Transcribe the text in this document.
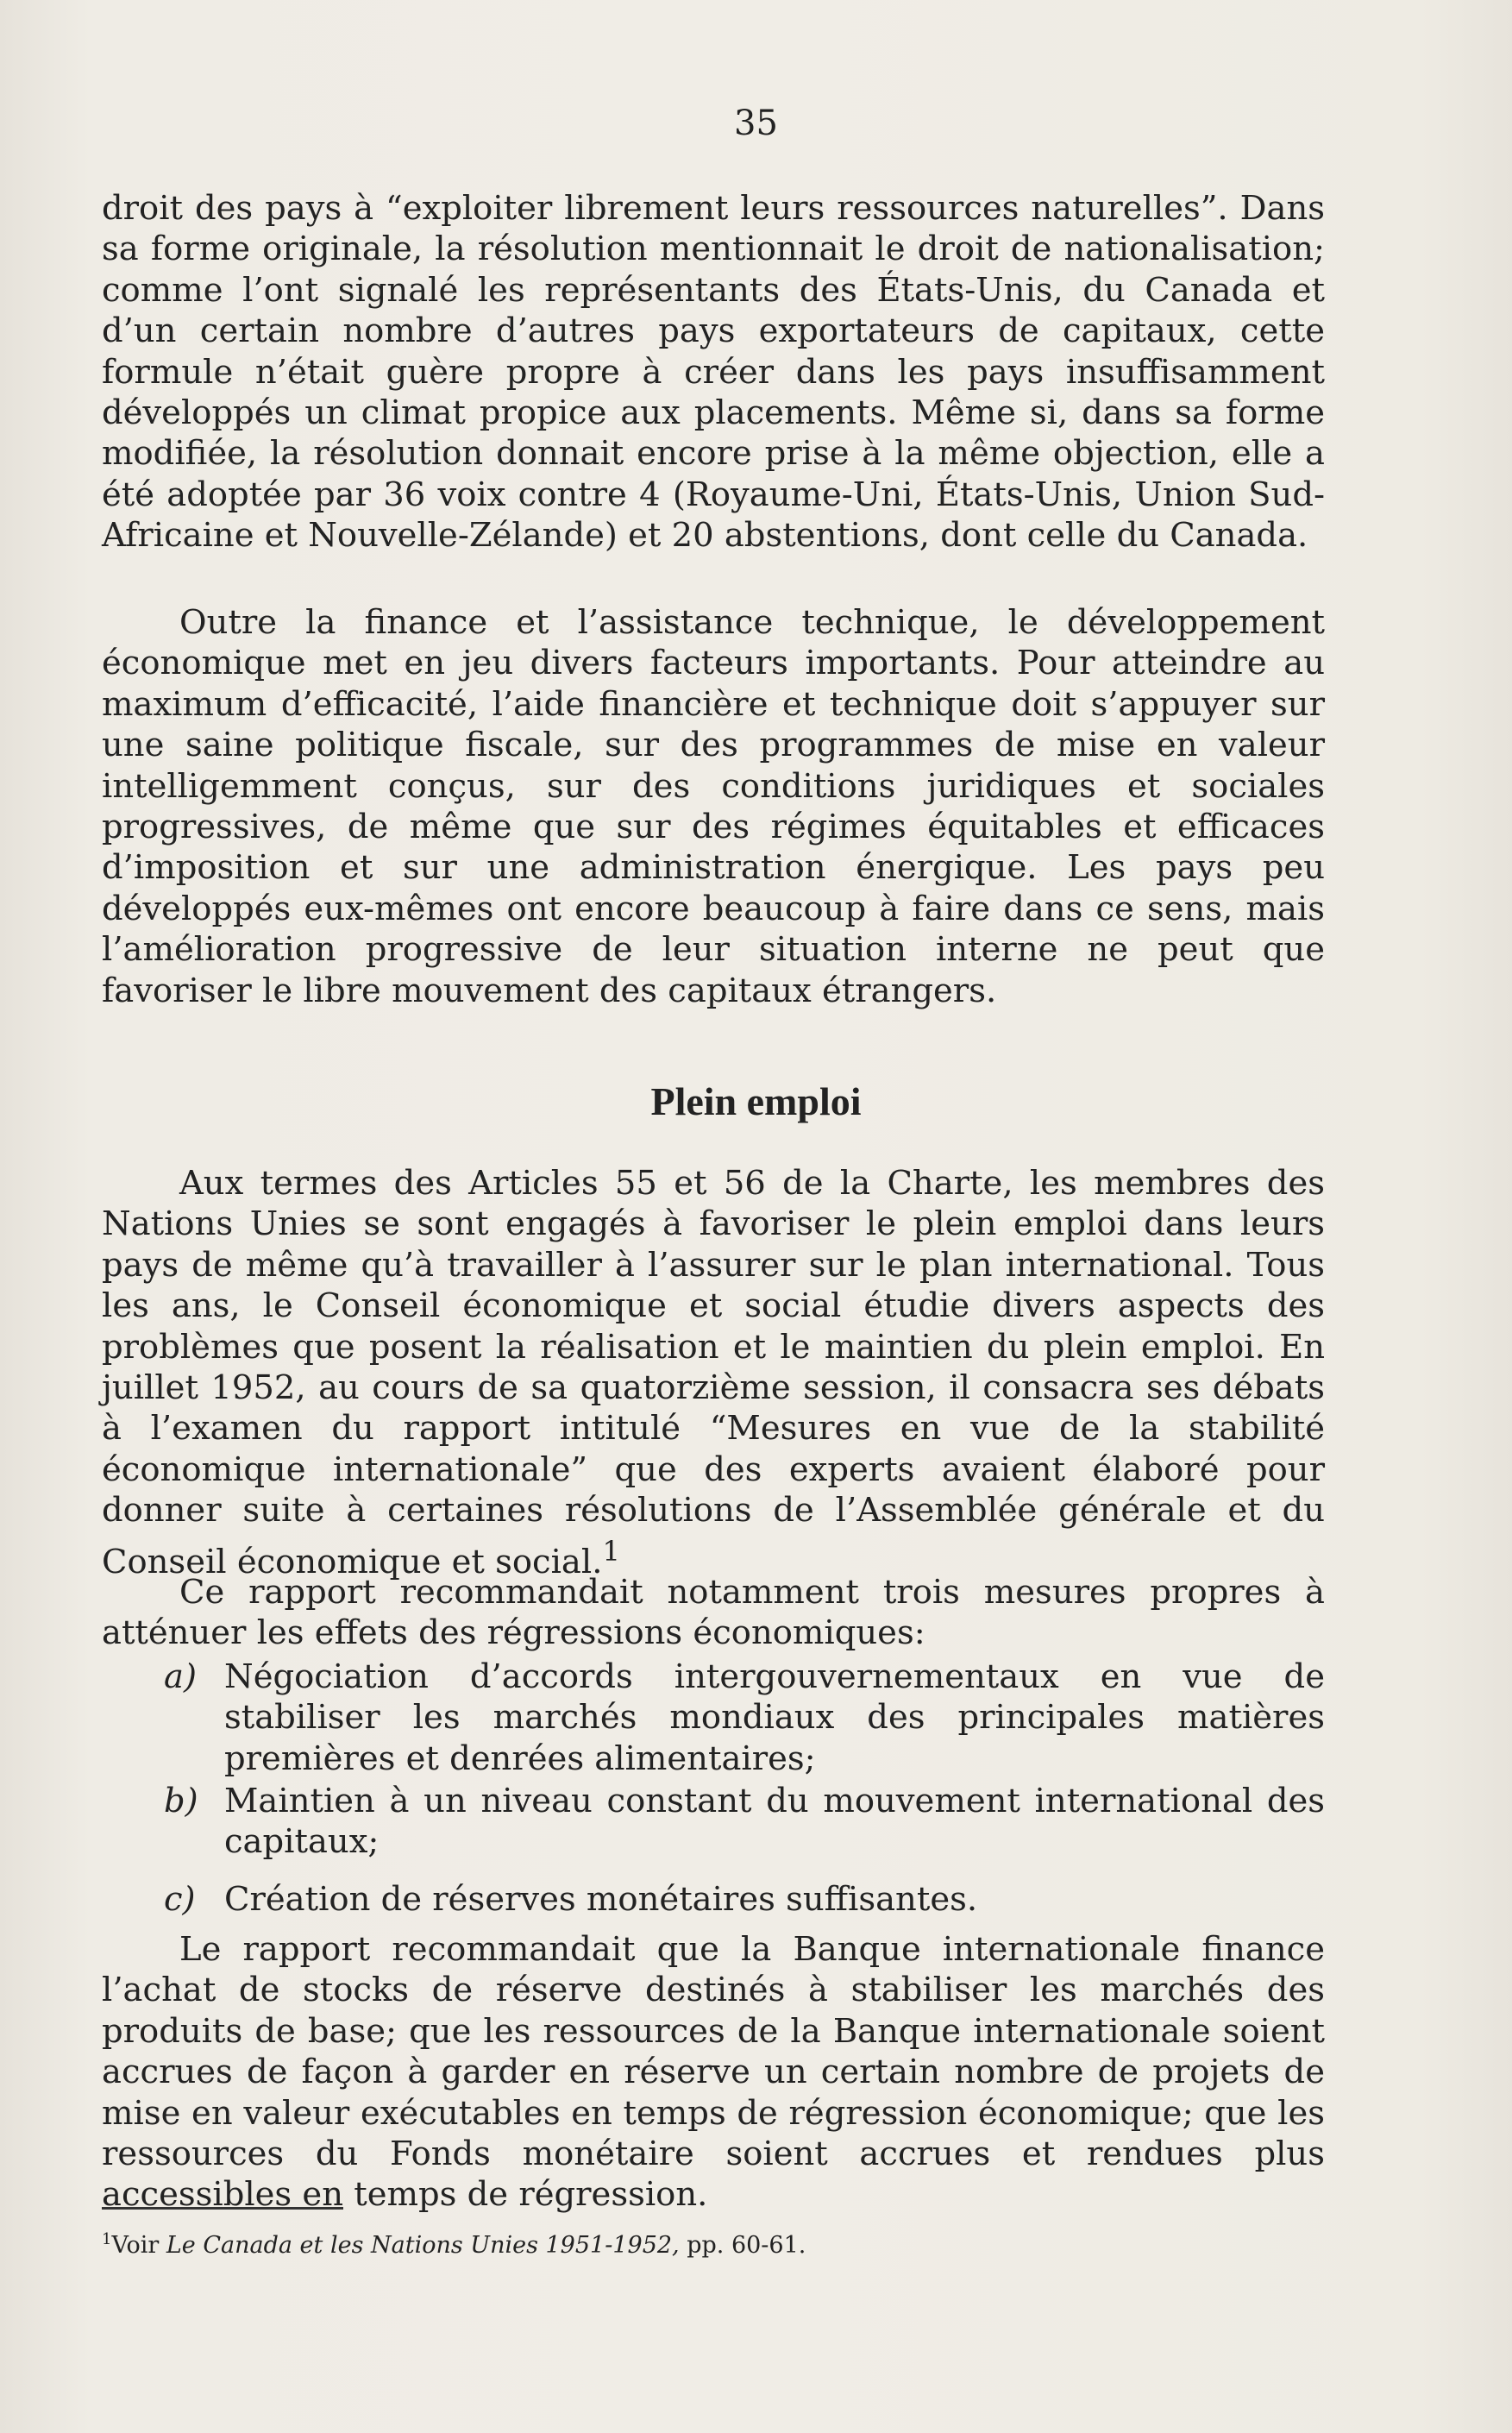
35

droit des pays à “exploiter librement leurs ressources naturelles”. Dans sa forme originale, la résolution mentionnait le droit de nationalisation; comme l’ont signalé les représentants des États-Unis, du Canada et d’un certain nombre d’autres pays exportateurs de capitaux, cette formule n’était guère propre à créer dans les pays insuffisamment développés un climat propice aux placements. Même si, dans sa forme modifiée, la résolution donnait encore prise à la même objection, elle a été adoptée par 36 voix contre 4 (Royaume-Uni, États-Unis, Union Sud-Africaine et Nouvelle-Zélande) et 20 abstentions, dont celle du Canada.

Outre la finance et l’assistance technique, le développement économique met en jeu divers facteurs importants. Pour atteindre au maximum d’efficacité, l’aide financière et technique doit s’appuyer sur une saine politique fiscale, sur des programmes de mise en valeur intelligemment conçus, sur des conditions juridiques et sociales progressives, de même que sur des régimes équitables et efficaces d’imposition et sur une administration énergique. Les pays peu développés eux-mêmes ont encore beaucoup à faire dans ce sens, mais l’amélioration progressive de leur situation interne ne peut que favoriser le libre mouvement des capitaux étrangers.

Plein emploi

Aux termes des Articles 55 et 56 de la Charte, les membres des Nations Unies se sont engagés à favoriser le plein emploi dans leurs pays de même qu’à travailler à l’assurer sur le plan international. Tous les ans, le Conseil économique et social étudie divers aspects des problèmes que posent la réalisation et le maintien du plein emploi. En juillet 1952, au cours de sa quatorzième session, il consacra ses débats à l’examen du rapport intitulé “Mesures en vue de la stabilité économique internationale” que des experts avaient élaboré pour donner suite à certaines résolutions de l’Assemblée générale et du Conseil économique et social.$^1$

Ce rapport recommandait notamment trois mesures propres à atténuer les effets des régressions économiques:

a) Négociation d’accords intergouvernementaux en vue de stabiliser les marchés mondiaux des principales matières premières et denrées alimentaires;
b) Maintien à un niveau constant du mouvement international des capitaux;
c) Création de réserves monétaires suffisantes.

Le rapport recommandait que la Banque internationale finance l’achat de stocks de réserve destinés à stabiliser les marchés des produits de base; que les ressources de la Banque internationale soient accrues de façon à garder en réserve un certain nombre de projets de mise en valeur exécutables en temps de régression économique; que les ressources du Fonds monétaire soient accrues et rendues plus accessibles en temps de régression.

$^1$Voir Le Canada et les Nations Unies 1951-1952, pp. 60-61.
